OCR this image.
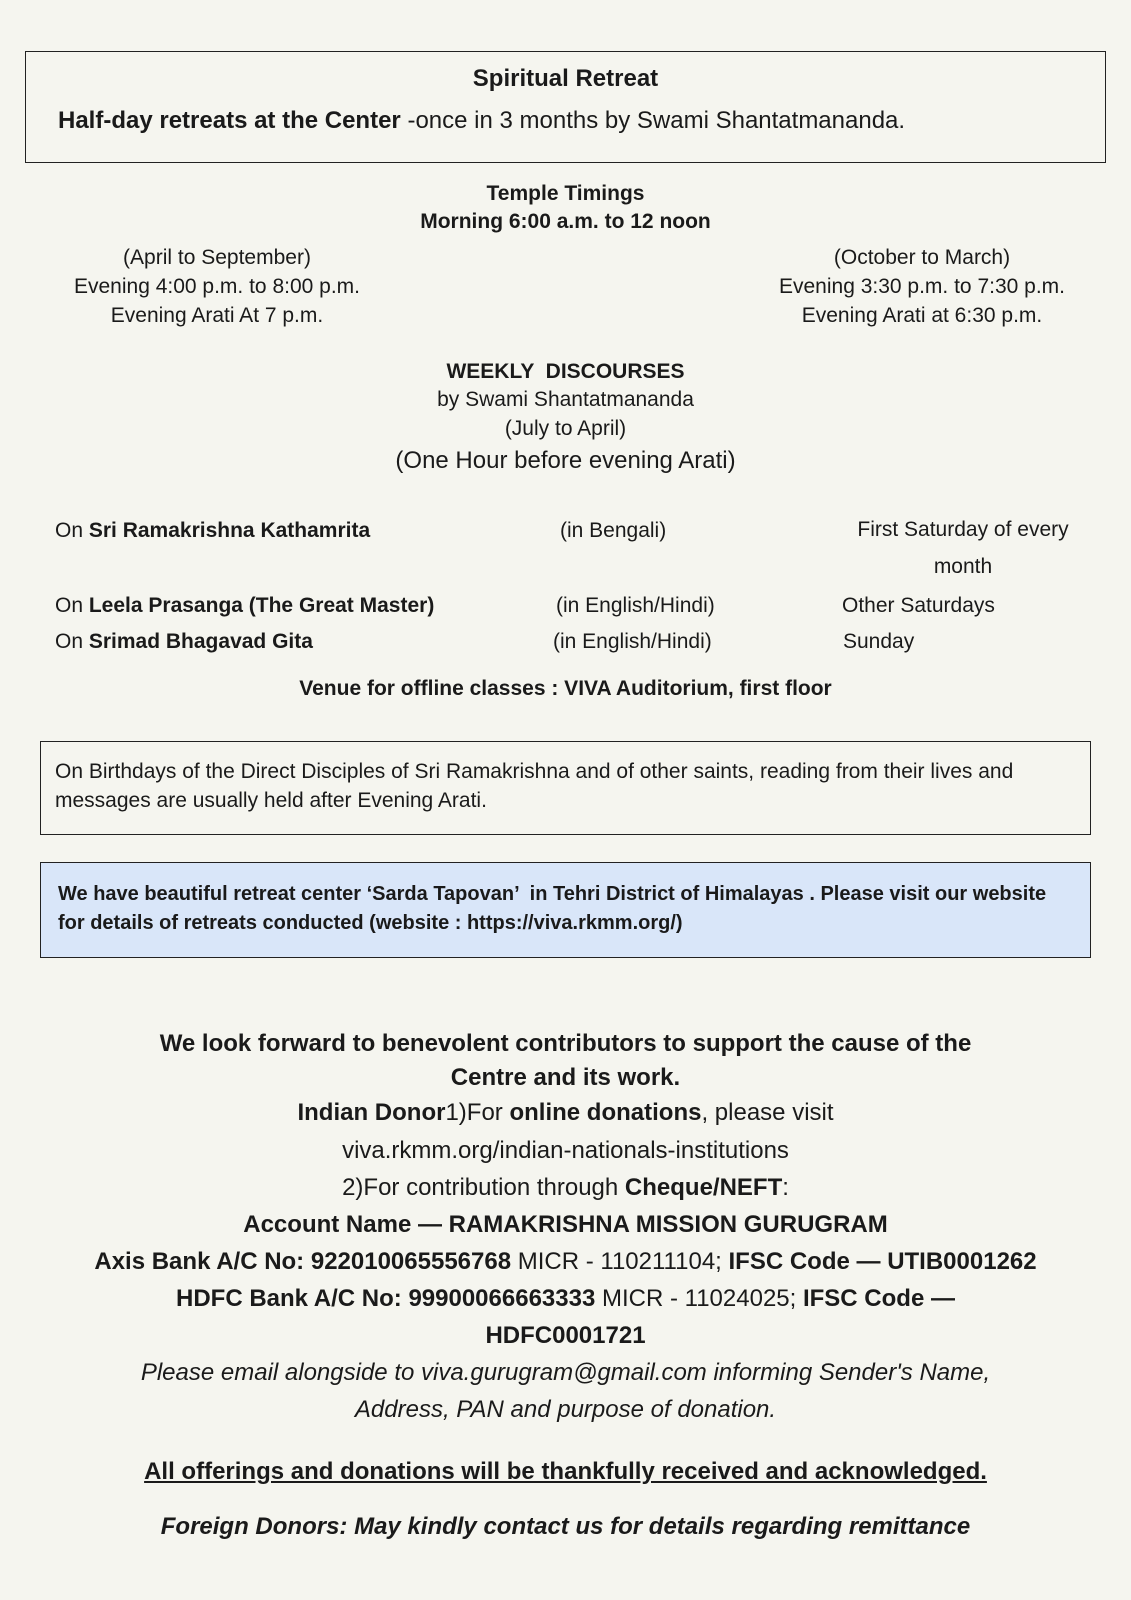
Spiritual Retreat
Half-day retreats at the Center -once in 3 months by Swami Shantatmananda.
Temple Timings
Morning 6:00 a.m. to 12 noon
(April to September)
Evening 4:00 p.m. to 8:00 p.m.
Evening Arati At 7 p.m.
(October to March)
Evening 3:30 p.m. to 7:30 p.m.
Evening Arati at 6:30 p.m.
WEEKLY  DISCOURSES
by Swami Shantatmananda
(July to April)
(One Hour before evening Arati)
On Sri Ramakrishna Kathamrita	(in Bengali)	First Saturday of every month
On Leela Prasanga (The Great Master)	(in English/Hindi)	Other Saturdays
On Srimad Bhagavad Gita	(in English/Hindi)	Sunday
Venue for offline classes : VIVA Auditorium, first floor
On Birthdays of the Direct Disciples of Sri Ramakrishna and of other saints, reading from their lives and messages are usually held after Evening Arati.
We have beautiful retreat center ‘Sarda Tapovan’  in Tehri District of Himalayas . Please visit our website for details of retreats conducted (website : https://viva.rkmm.org/)
We look forward to benevolent contributors to support the cause of the
Centre and its work.
Indian Donor1)For online donations, please visit
viva.rkmm.org/indian-nationals-institutions
2)For contribution through Cheque/NEFT:
Account Name — RAMAKRISHNA MISSION GURUGRAM
Axis Bank A/C No: 922010065556768 MICR - 110211104; IFSC Code — UTIB0001262
HDFC Bank A/C No: 99900066663333 MICR - 11024025; IFSC Code —
HDFC0001721
Please email alongside to viva.gurugram@gmail.com informing Sender's Name,
Address, PAN and purpose of donation.
All offerings and donations will be thankfully received and acknowledged.
Foreign Donors: May kindly contact us for details regarding remittance
